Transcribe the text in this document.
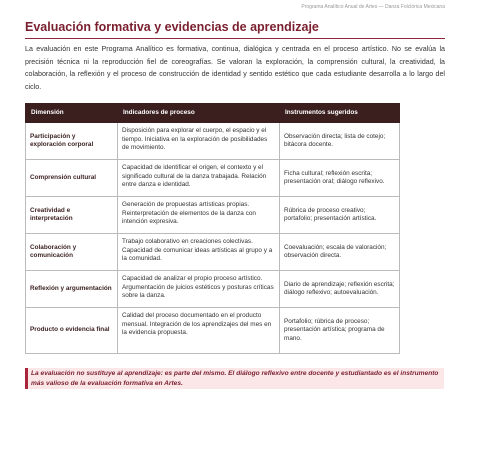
Programa Analítico Anual de Artes — Danza Folclórica Mexicana
Evaluación formativa y evidencias de aprendizaje

La evaluación en este Programa Analítico es formativa, continua, dialógica y centrada en el proceso artístico. No se evalúa la precisión técnica ni la reproducción fiel de coreografías. Se valoran la exploración, la comprensión cultural, la creatividad, la colaboración, la reflexión y el proceso de construcción de identidad y sentido estético que cada estudiante desarrolla a lo largo del ciclo.

Dimensión	Indicadores de proceso	Instrumentos sugeridos
Participación y exploración corporal	Disposición para explorar el cuerpo, el espacio y el tiempo. Iniciativa en la exploración de posibilidades de movimiento.	Observación directa; lista de cotejo; bitácora docente.
Comprensión cultural	Capacidad de identificar el origen, el contexto y el significado cultural de la danza trabajada. Relación entre danza e identidad.	Ficha cultural; reflexión escrita; presentación oral; diálogo reflexivo.
Creatividad e interpretación	Generación de propuestas artísticas propias. Reinterpretación de elementos de la danza con intención expresiva.	Rúbrica de proceso creativo; portafolio; presentación artística.
Colaboración y comunicación	Trabajo colaborativo en creaciones colectivas. Capacidad de comunicar ideas artísticas al grupo y a la comunidad.	Coevaluación; escala de valoración; observación directa.
Reflexión y argumentación	Capacidad de analizar el propio proceso artístico. Argumentación de juicios estéticos y posturas críticas sobre la danza.	Diario de aprendizaje; reflexión escrita; diálogo reflexivo; autoevaluación.
Producto o evidencia final	Calidad del proceso documentado en el producto mensual. Integración de los aprendizajes del mes en la evidencia propuesta.	Portafolio; rúbrica de proceso; presentación artística; programa de mano.

La evaluación no sustituye al aprendizaje: es parte del mismo. El diálogo reflexivo entre docente y estudiantado es el instrumento más valioso de la evaluación formativa en Artes.
